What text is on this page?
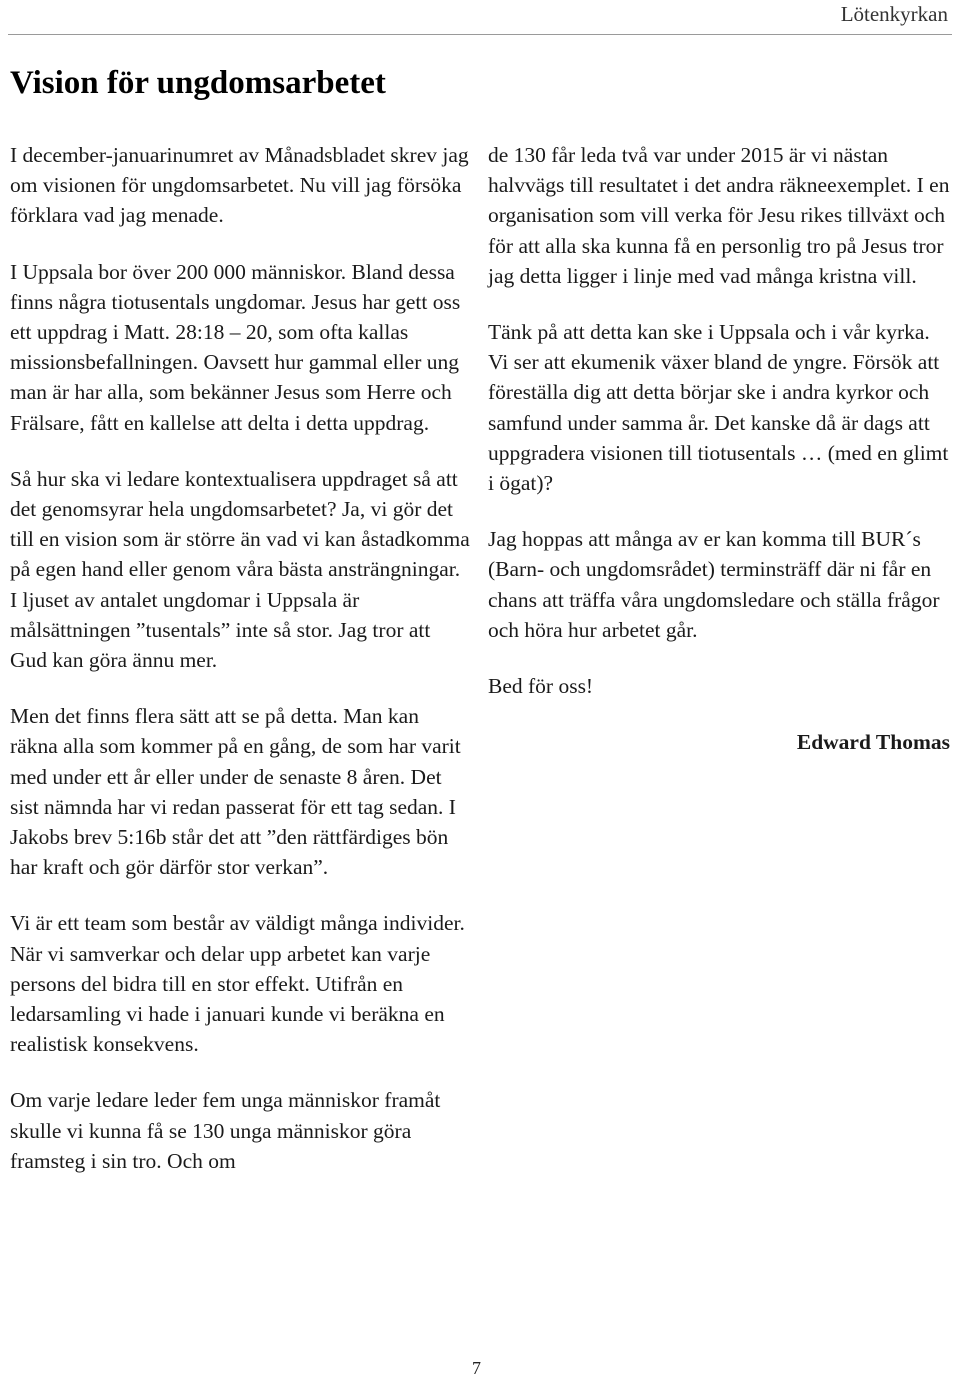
Lötenkyrkan
Vision för ungdomsarbetet

I december-januarinumret av Månadsbladet skrev jag om visionen för ungdomsarbetet. Nu vill jag försöka förklara vad jag menade.

I Uppsala bor över 200 000 människor. Bland dessa finns några tiotusentals ungdomar. Jesus har gett oss ett uppdrag i Matt. 28:18 – 20, som ofta kallas missionsbefallningen. Oavsett hur gammal eller ung man är har alla, som bekänner Jesus som Herre och Frälsare, fått en kallelse att delta i detta uppdrag.

Så hur ska vi ledare kontextualisera uppdraget så att det genomsyrar hela ungdomsarbetet? Ja, vi gör det till en vision som är större än vad vi kan åstadkomma på egen hand eller genom våra bästa ansträngningar. I ljuset av antalet ungdomar i Uppsala är målsättningen ”tusentals” inte så stor. Jag tror att Gud kan göra ännu mer.

Men det finns flera sätt att se på detta. Man kan räkna alla som kommer på en gång, de som har varit med under ett år eller under de senaste 8 åren. Det sist nämnda har vi redan passerat för ett tag sedan. I Jakobs brev 5:16b står det att ”den rättfärdiges bön har kraft och gör därför stor verkan”.

Vi är ett team som består av väldigt många individer. När vi samverkar och delar upp arbetet kan varje persons del bidra till en stor effekt. Utifrån en ledarsamling vi hade i januari kunde vi beräkna en realistisk konsekvens.

Om varje ledare leder fem unga människor framåt skulle vi kunna få se 130 unga människor göra framsteg i sin tro. Och om

de 130 får leda två var under 2015 är vi nästan halvvägs till resultatet i det andra räkneexemplet. I en organisation som vill verka för Jesu rikes tillväxt och för att alla ska kunna få en personlig tro på Jesus tror jag detta ligger i linje med vad många kristna vill.

Tänk på att detta kan ske i Uppsala och i vår kyrka. Vi ser att ekumenik växer bland de yngre. Försök att föreställa dig att detta börjar ske i andra kyrkor och samfund under samma år. Det kanske då är dags att uppgradera visionen till tiotusentals … (med en glimt i ögat)?

Jag hoppas att många av er kan komma till BUR´s (Barn- och ungdomsrådet) terminsträff där ni får en chans att träffa våra ungdomsledare och ställa frågor och höra hur arbetet går.

Bed för oss!

Edward Thomas

7
